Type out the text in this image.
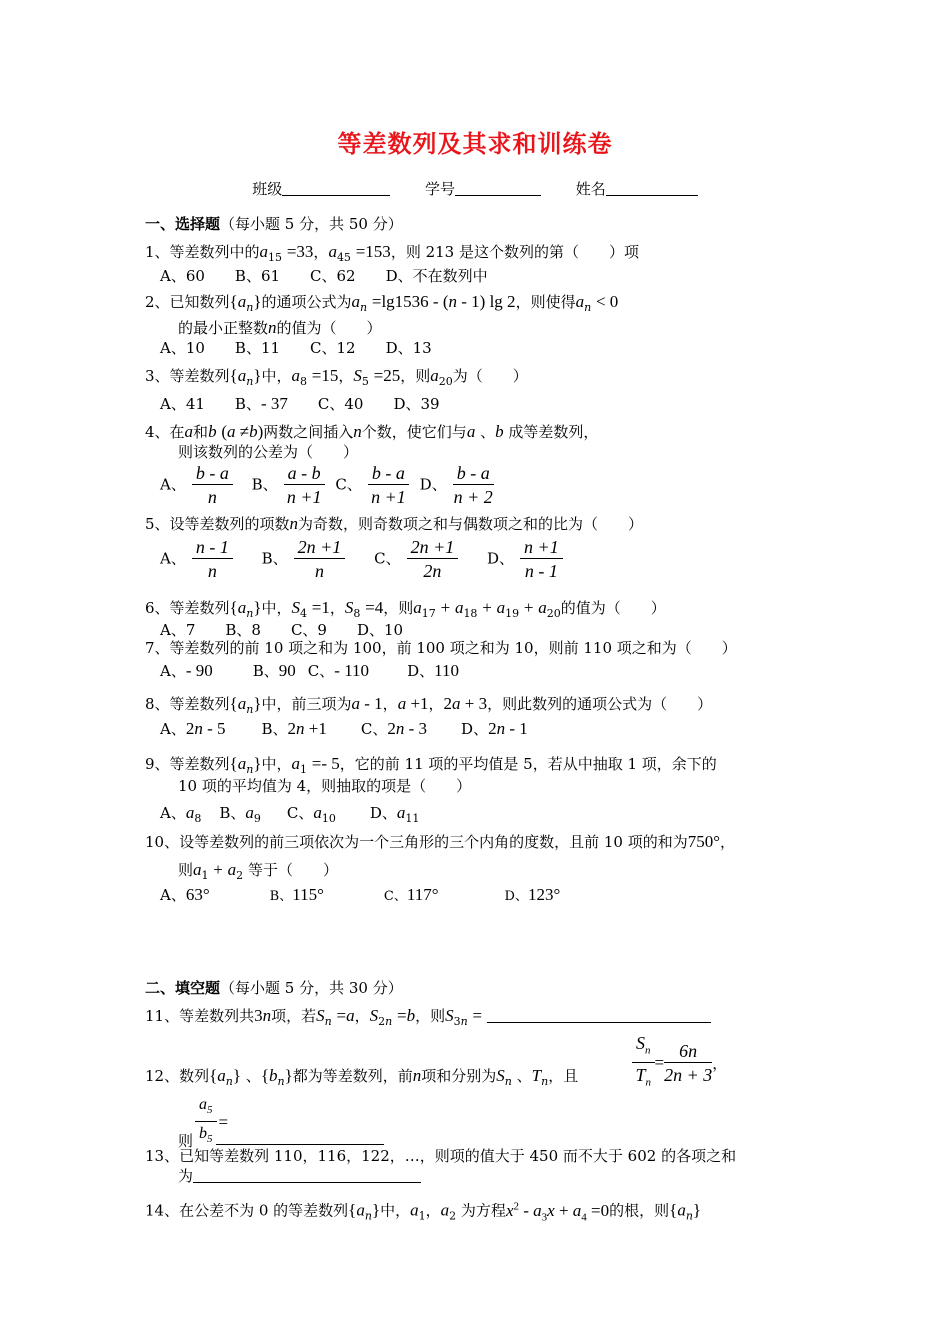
等差数列及其求和训练卷
班级 　　	学号 　　	姓名
一、选择题（每小题 5 分，共 50 分）
1、等差数列中的$a_{15} =33$，$a_{45} =153$，则 213 是这个数列的第（　　）项
A、60　　B、61　　C、62　　D、不在数列中
2、已知数列$\{a_n\}$的通项公式为$a_n =\lg 1536 - (n - 1)$ lg 2，则使得$a_n < 0$
的最小正整数n的值为（　　）
A、10　　B、11　　C、12　　D、13
3、等差数列$\{a_n\}$中，$a_8 =15$，$S_5 =25$，则$a_{20}$为（　　）
A、41　　B、- 37　　C、40　　D、39
4、在a和b (a ≠b)两数之间插入n个数，使它们与a 、b 成等差数列，
则该数列的公差为（　　）
A、 $\frac{b - a}{n}$ B、 $\frac{a - b}{n +1}$ C、 $\frac{b - a}{n +1}$ D、 $\frac{b - a}{n + 2}$
5、设等差数列的项数n为奇数，则奇数项之和与偶数项之和的比为（　　）
A、 $\frac{n - 1}{n}$ B、 $\frac{2n +1}{n}$ C、 $\frac{2n +1}{2n}$ D、 $\frac{n +1}{n - 1}$
6、等差数列$\{a_n\}$中，$S_4 =1$，$S_8 =4$，则$a_{17} + a_{18} + a_{19} + a_{20}$的值为（　　）
A、7　　B、8　　C、9　　D、10
7、等差数列的前 10 项之和为 100，前 100 项之和为 10，则前 110 项之和为（　　）
A、- 90	B、90 C、- 110	D、110
8、等差数列$\{a_n\}$中，前三项为a - 1，a +1，2a + 3，则此数列的通项公式为（　　）
A、2n - 5 B、2n +1 C、2n - 3 D、2n - 1
9、等差数列$\{a_n\}$中，$a_1 =- 5$，它的前 11 项的平均值是 5，若从中抽取 1 项，余下的
10 项的平均值为 4，则抽取的项是（　　）
A、$a_8$ B、$a_9$ C、$a_{10}$ D、$a_{11}$
10、设等差数列的前三项依次为一个三角形的三个内角的度数，且前 10 项的和为750°，
则$a_1 + a_2$ 等于（　　）
A、63°	B、115°	C、117°	D、123°
二、填空题（每小题 5 分，共 30 分）
11、等差数列共3n项，若$S_n =a$，$S_{2n} =b$，则$S_{3n}$ =
12、数列$\{a_n\}$ 、$\{b_n\}$都为等差数列，前n项和分别为$S_n$ 、$T_n$，且	$\frac{S_n}{T_n} = \frac{6n}{2n + 3}$ ，
则 $\frac{a_5}{b_5}$ =
13、已知等差数列 110，116，122，…，则项的值大于 450 而不大于 602 的各项之和
为
14、在公差不为 0 的等差数列$\{a_n\}$中，$a_1$，$a_2$ 为方程$x^2 - a_3x + a_4 =0$的根，则$\{a_n\}$
